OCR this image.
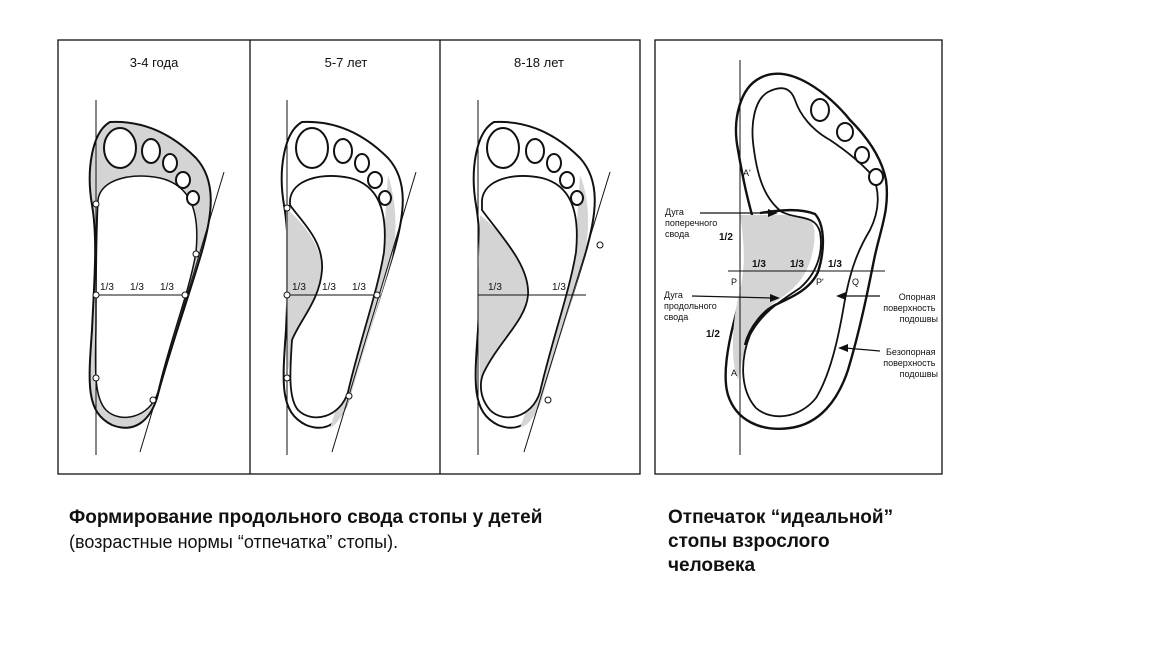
3-4 года	5-7 лет	8-18 лет
1/3 1/3 1/3	1/3 1/3 1/3	1/3	1/3
A'
A
P	P'	Q
1/3 1/3 1/3
1/2
1/2
Дуга поперечного свода
Дуга продольного свода
Опорная поверхность подошвы
Безопорная поверхность подошвы
Формирование продольного свода стопы у детей
(возрастные нормы “отпечатка” стопы).
Отпечаток “идеальной”
стопы взрослого
человека
